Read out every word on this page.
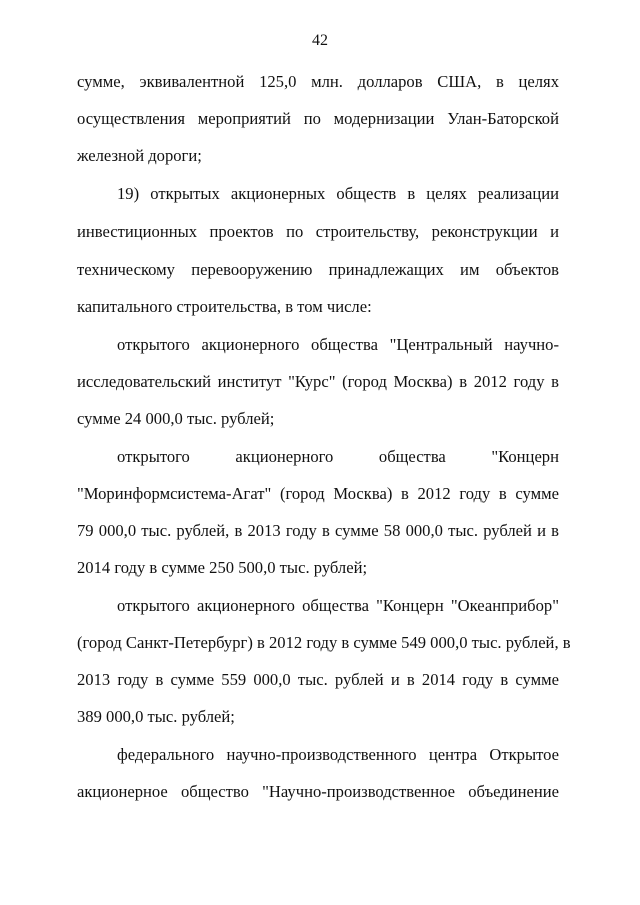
42
сумме, эквивалентной 125,0 млн. долларов США, в целях
осуществления мероприятий по модернизации Улан-Баторской
железной дороги;
19) открытых акционерных обществ в целях реализации
инвестиционных проектов по строительству, реконструкции и
техническому перевооружению принадлежащих им объектов
капитального строительства, в том числе:
открытого акционерного общества "Центральный научно-
исследовательский институт "Курс" (город Москва) в 2012 году в
сумме 24 000,0 тыс. рублей;
открытого акционерного общества "Концерн
"Моринформсистема-Агат" (город Москва) в 2012 году в сумме
79 000,0 тыс. рублей, в 2013 году в сумме 58 000,0 тыс. рублей и в
2014 году в сумме 250 500,0 тыс. рублей;
открытого акционерного общества "Концерн "Океанприбор"
(город Санкт-Петербург) в 2012 году в сумме 549 000,0 тыс. рублей, в
2013 году в сумме 559 000,0 тыс. рублей и в 2014 году в сумме
389 000,0 тыс. рублей;
федерального научно-производственного центра Открытое
акционерное общество "Научно-производственное объединение
